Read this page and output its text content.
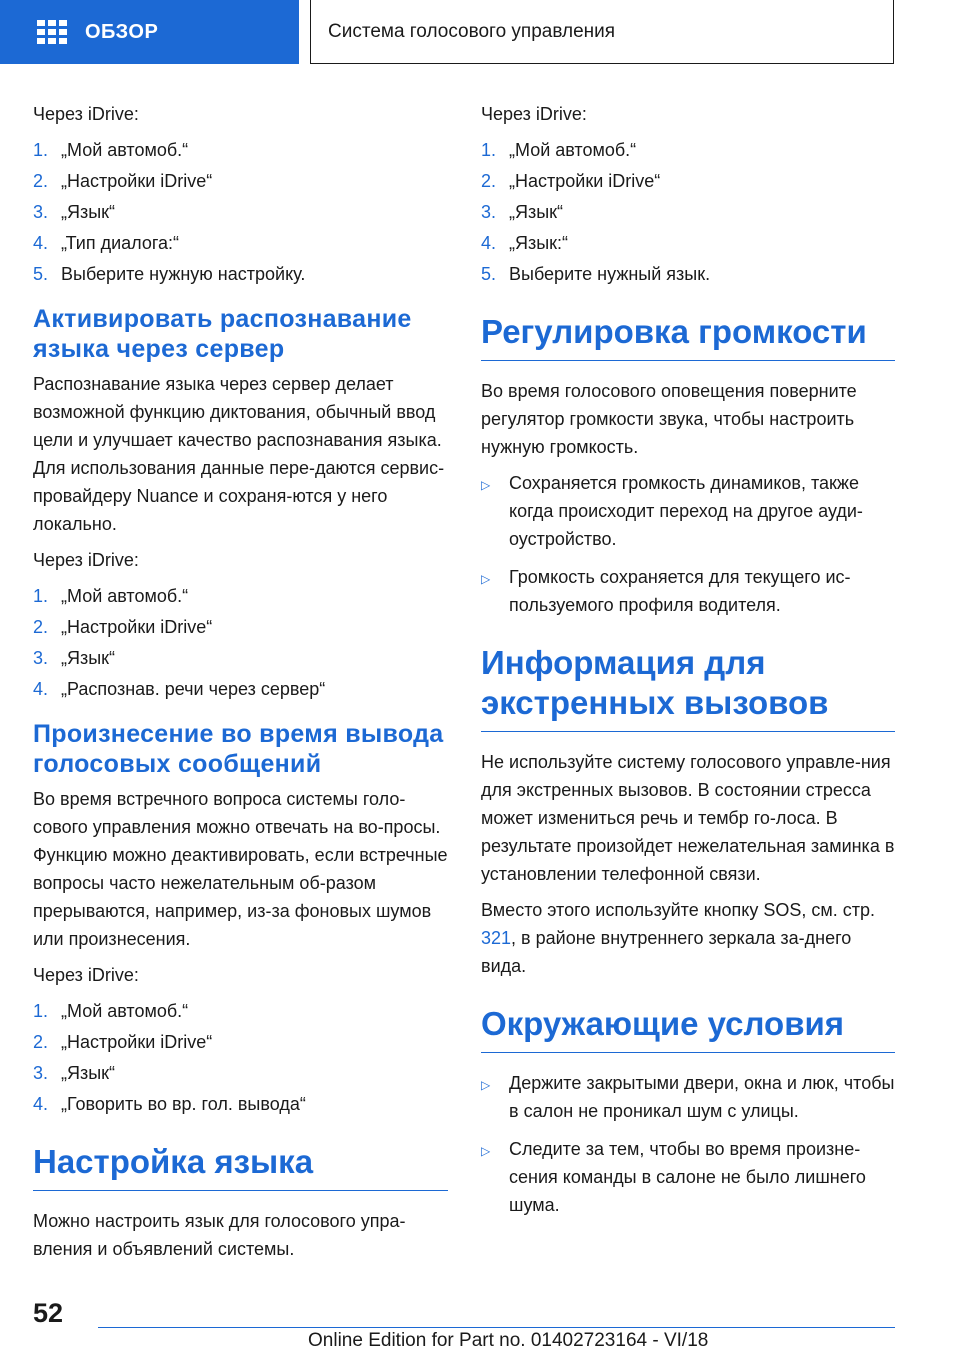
ОБЗОР	Система голосового управления

Через iDrive:

1. „Мой автомоб.“
2. „Настройки iDrive“
3. „Язык“
4. „Тип диалога:“
5. Выберите нужную настройку.
Активировать распознавание языка через сервер

Распознавание языка через сервер делает возможной функцию диктования, обычный ввод цели и улучшает качество распознавания языка. Для использования данные пере‐даются сервис-провайдеру Nuance и сохраня‐ются у него локально.

Через iDrive:

1. „Мой автомоб.“
2. „Настройки iDrive“
3. „Язык“
4. „Распознав. речи через сервер“
Произнесение во время вывода голосовых сообщений

Во время встречного вопроса системы голо‐сового управления можно отвечать на во‐просы. Функцию можно деактивировать, если встречные вопросы часто нежелательным об‐разом прерываются, например, из-за фоновых шумов или произнесения.

Через iDrive:

1. „Мой автомоб.“
2. „Настройки iDrive“
3. „Язык“
4. „Говорить во вр. гол. вывода“
Настройка языка

Можно настроить язык для голосового упра‐вления и объявлений системы.

Через iDrive:

1. „Мой автомоб.“
2. „Настройки iDrive“
3. „Язык“
4. „Язык:“
5. Выберите нужный язык.
Регулировка громкости

Во время голосового оповещения поверните регулятор громкости звука, чтобы настроить нужную громкость.

▷	Сохраняется громкость динамиков, также когда происходит переход на другое ауди‐оустройство.
▷	Громкость сохраняется для текущего ис‐пользуемого профиля водителя.
Информация для экстренных вызовов

Не используйте систему голосового управле‐ния для экстренных вызовов. В состоянии стресса может измениться речь и тембр го‐лоса. В результате произойдет нежелательная заминка в установлении телефонной связи.

Вместо этого используйте кнопку SOS, см. стр. 321, в районе внутреннего зеркала за‐днего вида.

Окружающие условия
▷	Держите закрытыми двери, окна и люк, чтобы в салон не проникал шум с улицы.
▷	Следите за тем, чтобы во время произне‐сения команды в салоне не было лишнего шума.
52
Online Edition for Part no. 01402723164 - VI/18
